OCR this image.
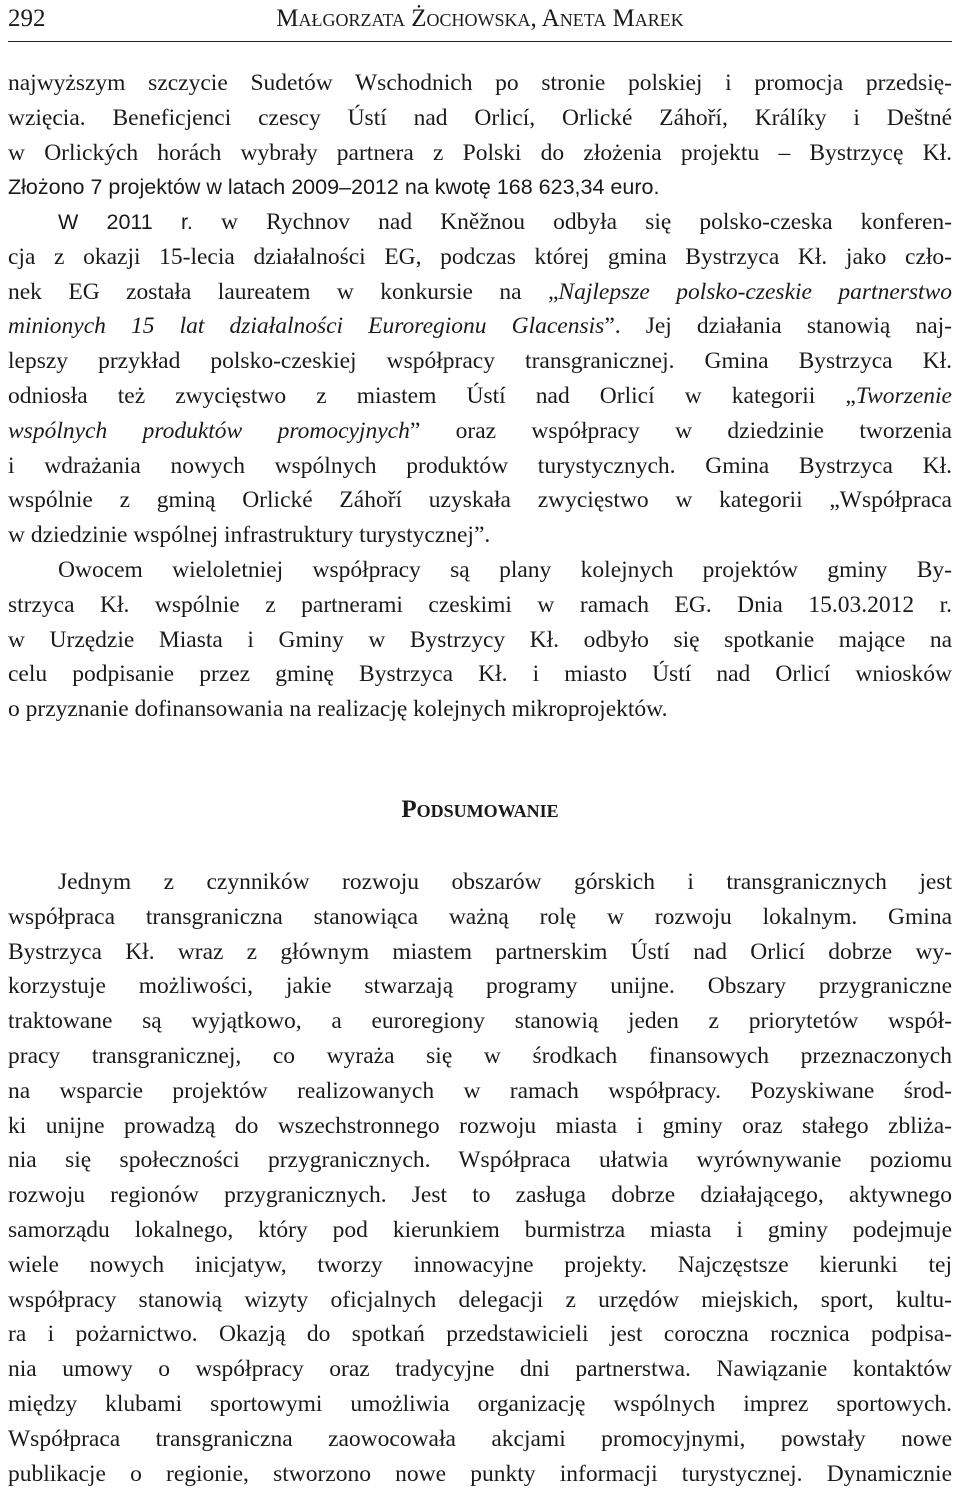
292	Małgorzata Żochowska, Aneta Marek
najwyższym szczycie Sudetów Wschodnich po stronie polskiej i promocja przedsię-
wzięcia. Beneficjenci czescy Ústí nad Orlicí, Orlické Záhoří, Králíky i Deštné
w Orlických horách wybrały partnera z Polski do złożenia projektu – Bystrzycę Kł.
Złożono 7 projektów w latach 2009–2012 na kwotę 168 623,34 euro.
W 2011 r. w Rychnov nad Kněžnou odbyła się polsko-czeska konferen-
cja z okazji 15-lecia działalności EG, podczas której gmina Bystrzyca Kł. jako czło-
nek EG została laureatem w konkursie na „Najlepsze polsko-czeskie partnerstwo
minionych 15 lat działalności Euroregionu Glacensis”. Jej działania stanowią naj-
lepszy przykład polsko-czeskiej współpracy transgranicznej. Gmina Bystrzyca Kł.
odniosła też zwycięstwo z miastem Ústí nad Orlicí w kategorii „Tworzenie
wspólnych produktów promocyjnych” oraz współpracy w dziedzinie tworzenia
i wdrażania nowych wspólnych produktów turystycznych. Gmina Bystrzyca Kł.
wspólnie z gminą Orlické Záhoří uzyskała zwycięstwo w kategorii „Współpraca
w dziedzinie wspólnej infrastruktury turystycznej”.
Owocem wieloletniej współpracy są plany kolejnych projektów gminy By-
strzyca Kł. wspólnie z partnerami czeskimi w ramach EG. Dnia 15.03.2012 r.
w Urzędzie Miasta i Gminy w Bystrzycy Kł. odbyło się spotkanie mające na
celu podpisanie przez gminę Bystrzyca Kł. i miasto Ústí nad Orlicí wniosków
o przyznanie dofinansowania na realizację kolejnych mikroprojektów.
Podsumowanie
Jednym z czynników rozwoju obszarów górskich i transgranicznych jest
współpraca transgraniczna stanowiąca ważną rolę w rozwoju lokalnym. Gmina
Bystrzyca Kł. wraz z głównym miastem partnerskim Ústí nad Orlicí dobrze wy-
korzystuje możliwości, jakie stwarzają programy unijne. Obszary przygraniczne
traktowane są wyjątkowo, a euroregiony stanowią jeden z priorytetów współ-
pracy transgranicznej, co wyraża się w środkach finansowych przeznaczonych
na wsparcie projektów realizowanych w ramach współpracy. Pozyskiwane środ-
ki unijne prowadzą do wszechstronnego rozwoju miasta i gminy oraz stałego zbliża-
nia się społeczności przygranicznych. Współpraca ułatwia wyrównywanie poziomu
rozwoju regionów przygranicznych. Jest to zasługa dobrze działającego, aktywnego
samorządu lokalnego, który pod kierunkiem burmistrza miasta i gminy podejmuje
wiele nowych inicjatyw, tworzy innowacyjne projekty. Najczęstsze kierunki tej
współpracy stanowią wizyty oficjalnych delegacji z urzędów miejskich, sport, kultu-
ra i pożarnictwo. Okazją do spotkań przedstawicieli jest coroczna rocznica podpisa-
nia umowy o współpracy oraz tradycyjne dni partnerstwa. Nawiązanie kontaktów
między klubami sportowymi umożliwia organizację wspólnych imprez sportowych.
Współpraca transgraniczna zaowocowała akcjami promocyjnymi, powstały nowe
publikacje o regionie, stworzono nowe punkty informacji turystycznej. Dynamicznie
